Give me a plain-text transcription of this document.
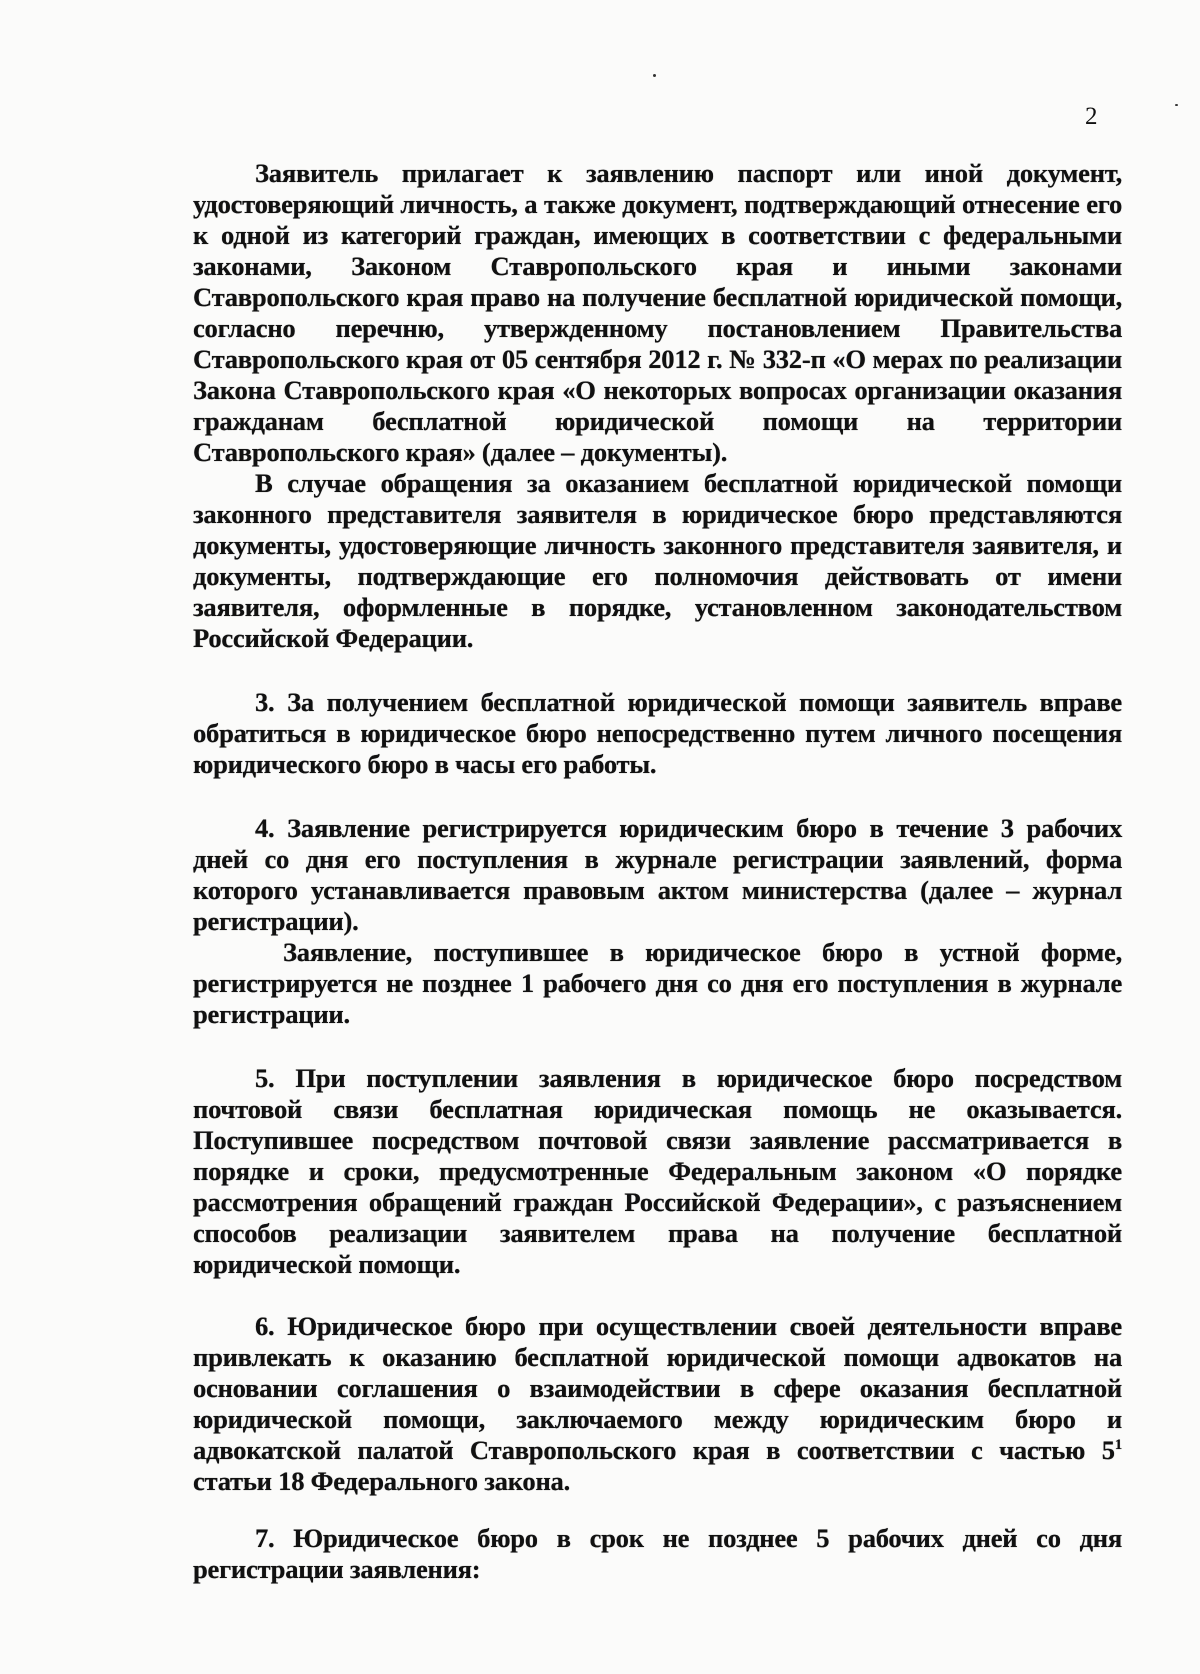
2

Заявитель прилагает к заявлению паспорт или иной документ, удостоверяющий личность, а также документ, подтверждающий отнесение его к одной из категорий граждан, имеющих в соответствии с федеральными законами, Законом Ставропольского края и иными законами Ставропольского края право на получение бесплатной юридической помощи, согласно перечню, утвержденному постановлением Правительства Ставропольского края от 05 сентября 2012 г. № 332-п «О мерах по реализации Закона Ставропольского края «О некоторых вопросах организации оказания гражданам бесплатной юридической помощи на территории Ставропольского края» (далее – документы).

В случае обращения за оказанием бесплатной юридической помощи законного представителя заявителя в юридическое бюро представляются документы, удостоверяющие личность законного представителя заявителя, и документы, подтверждающие его полномочия действовать от имени заявителя, оформленные в порядке, установленном законодательством Российской Федерации.

3. За получением бесплатной юридической помощи заявитель вправе обратиться в юридическое бюро непосредственно путем личного посещения юридического бюро в часы его работы.

4. Заявление регистрируется юридическим бюро в течение 3 рабочих дней со дня его поступления в журнале регистрации заявлений, форма которого устанавливается правовым актом министерства (далее – журнал регистрации).

Заявление, поступившее в юридическое бюро в устной форме, регистрируется не позднее 1 рабочего дня со дня его поступления в журнале регистрации.

5. При поступлении заявления в юридическое бюро посредством почтовой связи бесплатная юридическая помощь не оказывается. Поступившее посредством почтовой связи заявление рассматривается в порядке и сроки, предусмотренные Федеральным законом «О порядке рассмотрения обращений граждан Российской Федерации», с разъяснением способов реализации заявителем права на получение бесплатной юридической помощи.

6. Юридическое бюро при осуществлении своей деятельности вправе привлекать к оказанию бесплатной юридической помощи адвокатов на основании соглашения о взаимодействии в сфере оказания бесплатной юридической помощи, заключаемого между юридическим бюро и адвокатской палатой Ставропольского края в соответствии с частью $5^1$ статьи 18 Федерального закона.

7. Юридическое бюро в срок не позднее 5 рабочих дней со дня регистрации заявления:
